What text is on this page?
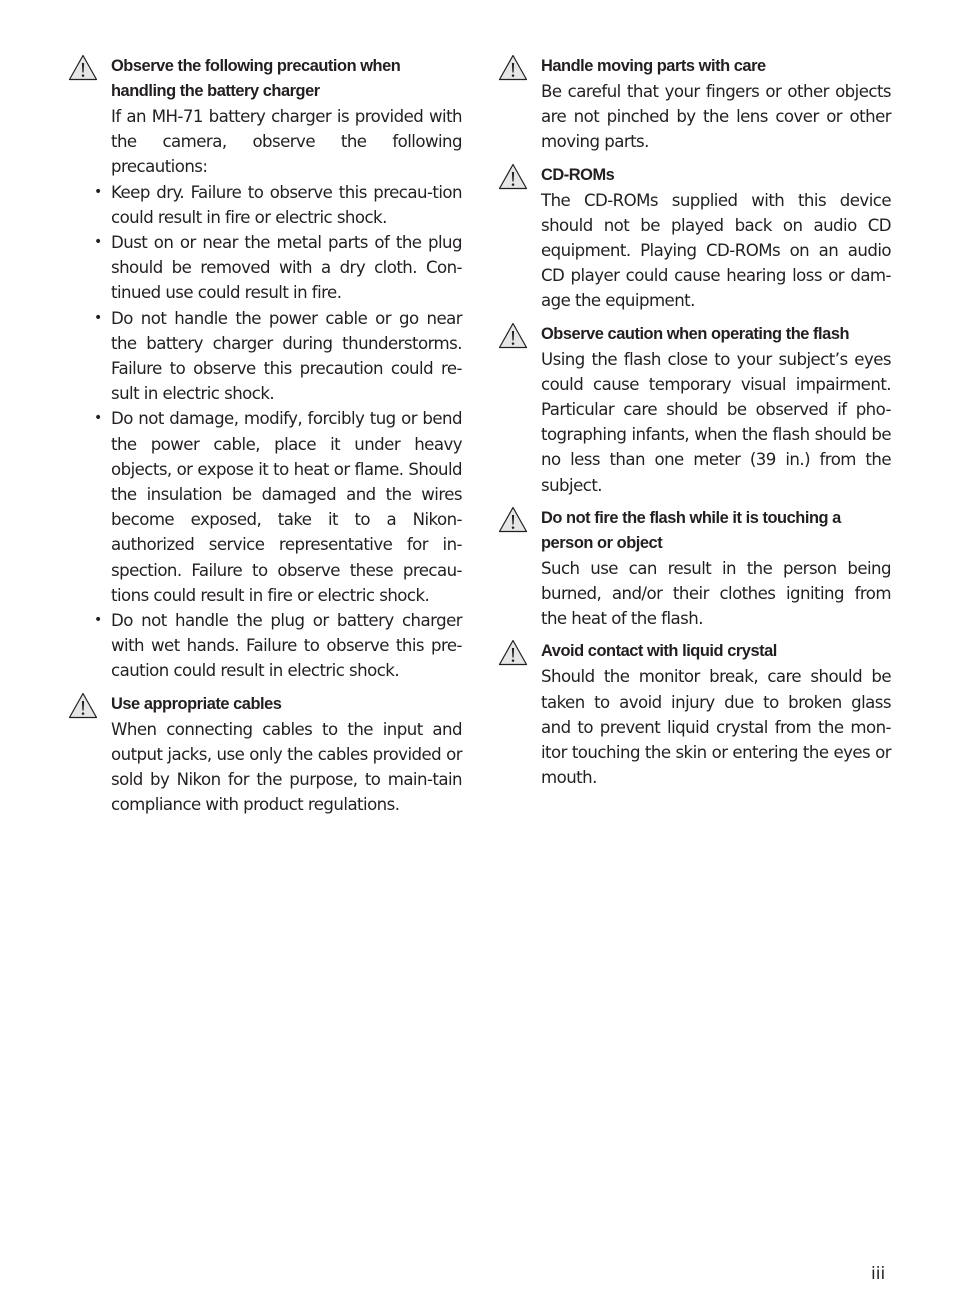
Observe the following precaution when handling the battery charger

If an MH-71 battery charger is provided with the camera, observe the following precautions:

• Keep dry. Failure to observe this precau-tion could result in fire or electric shock.
• Dust on or near the metal parts of the plug should be removed with a dry cloth. Con-tinued use could result in fire.
• Do not handle the power cable or go near the battery charger during thunderstorms. Failure to observe this precaution could re-sult in electric shock.
• Do not damage, modify, forcibly tug or bend the power cable, place it under heavy objects, or expose it to heat or flame. Should the insulation be damaged and the wires become exposed, take it to a Nikon-authorized service representative for in-spection. Failure to observe these precau-tions could result in fire or electric shock.
• Do not handle the plug or battery charger with wet hands. Failure to observe this pre-caution could result in electric shock.

Use appropriate cables

When connecting cables to the input and output jacks, use only the cables provided or sold by Nikon for the purpose, to main-tain compliance with product regulations.

Handle moving parts with care

Be careful that your fingers or other objects are not pinched by the lens cover or other moving parts.

CD-ROMs

The CD-ROMs supplied with this device should not be played back on audio CD equipment. Playing CD-ROMs on an audio CD player could cause hearing loss or dam-age the equipment.

Observe caution when operating the flash

Using the flash close to your subject’s eyes could cause temporary visual impairment. Particular care should be observed if pho-tographing infants, when the flash should be no less than one meter (39 in.) from the subject.

Do not fire the flash while it is touching a person or object

Such use can result in the person being burned, and/or their clothes igniting from the heat of the flash.

Avoid contact with liquid crystal

Should the monitor break, care should be taken to avoid injury due to broken glass and to prevent liquid crystal from the mon-itor touching the skin or entering the eyes or mouth.

iii
